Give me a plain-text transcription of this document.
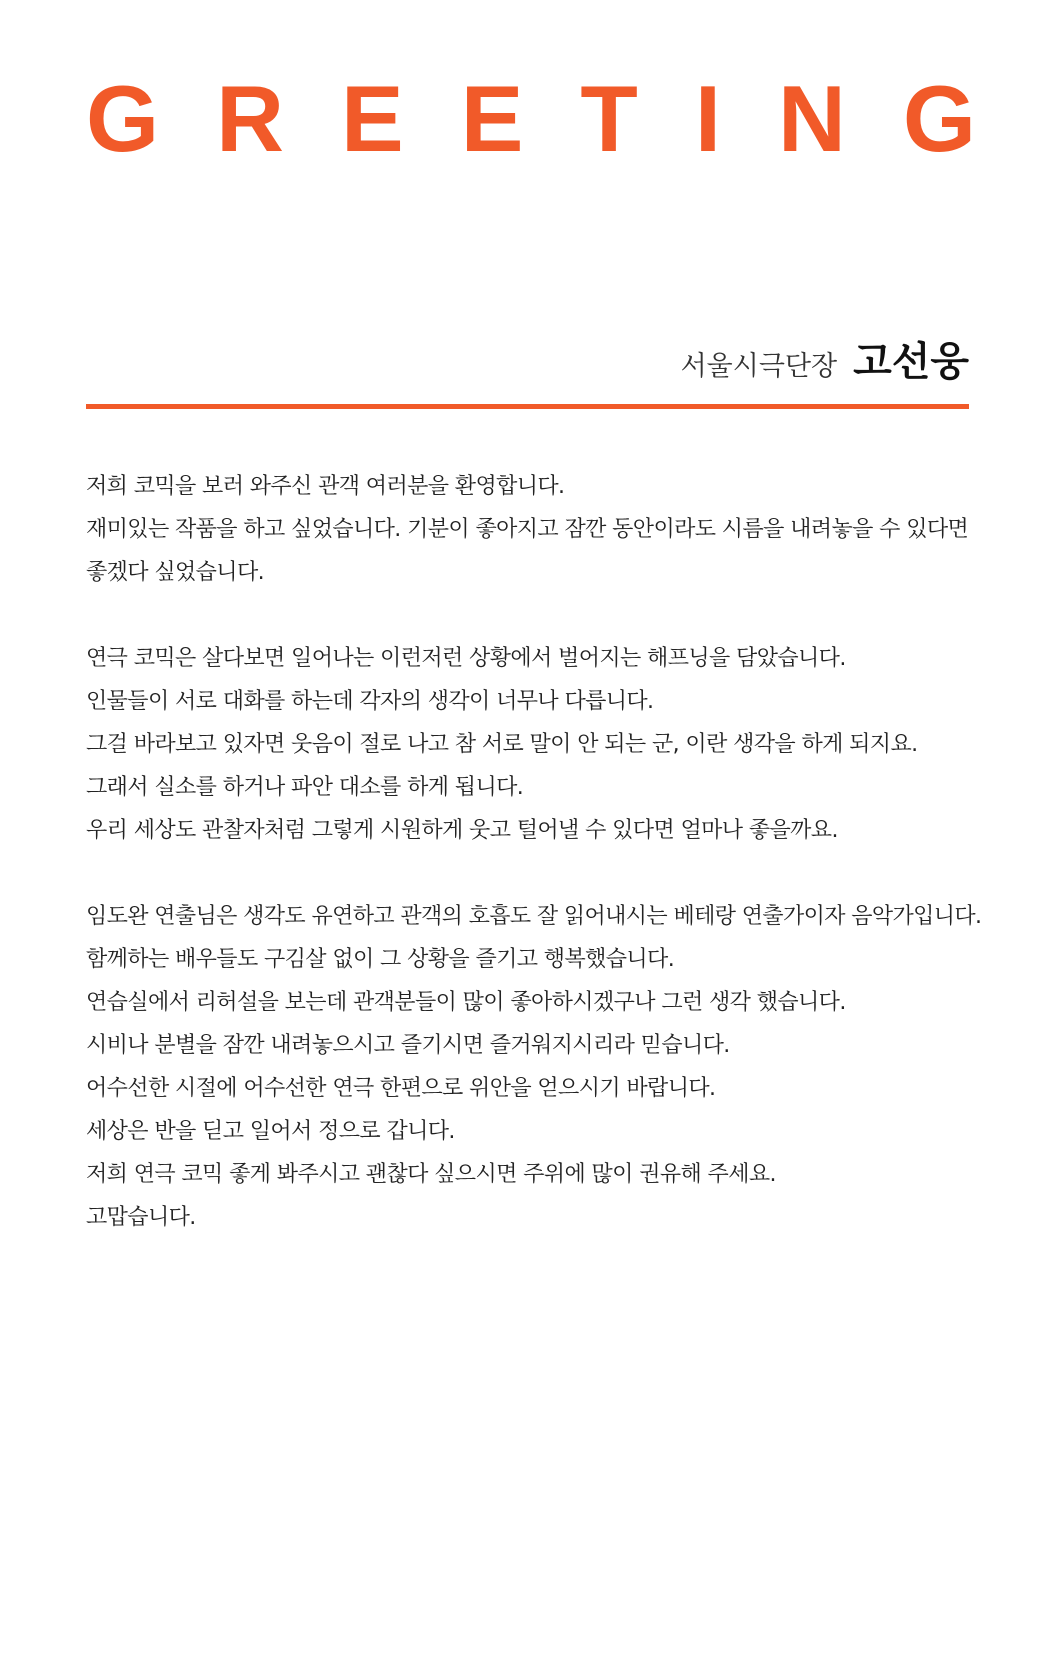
G R E E T I N G
서울시극단장 고선웅
저희 코믹을 보러 와주신 관객 여러분을 환영합니다.
재미있는 작품을 하고 싶었습니다. 기분이 좋아지고 잠깐 동안이라도 시름을 내려놓을 수 있다면
좋겠다 싶었습니다.
연극 코믹은 살다보면 일어나는 이런저런 상황에서 벌어지는 해프닝을 담았습니다.
인물들이 서로 대화를 하는데 각자의 생각이 너무나 다릅니다.
그걸 바라보고 있자면 웃음이 절로 나고 참 서로 말이 안 되는 군, 이란 생각을 하게 되지요.
그래서 실소를 하거나 파안 대소를 하게 됩니다.
우리 세상도 관찰자처럼 그렇게 시원하게 웃고 털어낼 수 있다면 얼마나 좋을까요.
임도완 연출님은 생각도 유연하고 관객의 호흡도 잘 읽어내시는 베테랑 연출가이자 음악가입니다.
함께하는 배우들도 구김살 없이 그 상황을 즐기고 행복했습니다.
연습실에서 리허설을 보는데 관객분들이 많이 좋아하시겠구나 그런 생각 했습니다.
시비나 분별을 잠깐 내려놓으시고 즐기시면 즐거워지시리라 믿습니다.
어수선한 시절에 어수선한 연극 한편으로 위안을 얻으시기 바랍니다.
세상은 반을 딛고 일어서 정으로 갑니다.
저희 연극 코믹 좋게 봐주시고 괜찮다 싶으시면 주위에 많이 권유해 주세요.
고맙습니다.
